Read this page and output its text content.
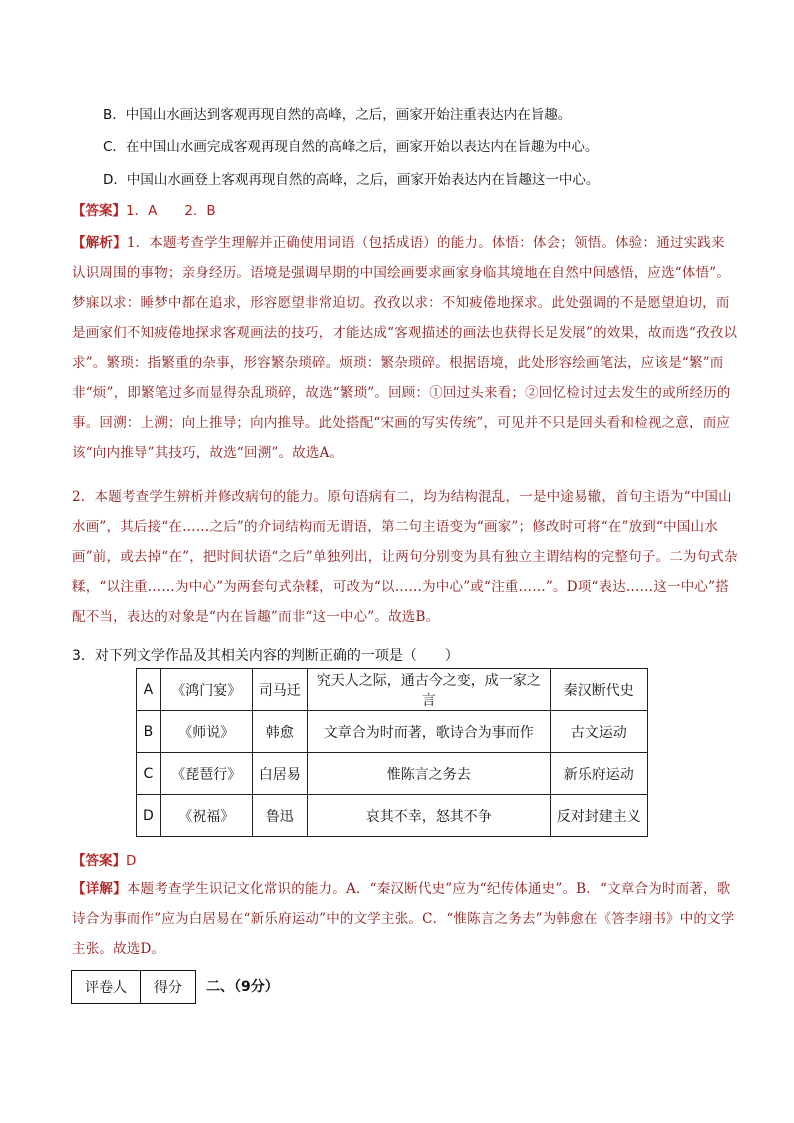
B．中国山水画达到客观再现自然的高峰，之后，画家开始注重表达内在旨趣。
C．在中国山水画完成客观再现自然的高峰之后，画家开始以表达内在旨趣为中心。
D．中国山水画登上客观再现自然的高峰，之后，画家开始表达内在旨趣这一中心。
【答案】1．A　　2．B
【解析】1．本题考查学生理解并正确使用词语（包括成语）的能力。体悟：体会；领悟。体验：通过实践来认识周围的事物；亲身经历。语境是强调早期的中国绘画要求画家身临其境地在自然中间感悟，应选“体悟”。梦寐以求：睡梦中都在追求，形容愿望非常迫切。孜孜以求：不知疲倦地探求。此处强调的不是愿望迫切，而是画家们不知疲倦地探求客观画法的技巧，才能达成“客观描述的画法也获得长足发展”的效果，故而选“孜孜以求”。繁琐：指繁重的杂事，形容繁杂琐碎。烦琐：繁杂琐碎。根据语境，此处形容绘画笔法，应该是“繁”而非“烦”，即繁笔过多而显得杂乱琐碎，故选“繁琐”。回顾：①回过头来看；②回忆检讨过去发生的或所经历的事。回溯：上溯；向上推导；向内推导。此处搭配“宋画的写实传统”，可见并不只是回头看和检视之意，而应该“向内推导”其技巧，故选“回溯”。故选A。
2．本题考查学生辨析并修改病句的能力。原句语病有二，均为结构混乱，一是中途易辙，首句主语为“中国山水画”，其后接“在……之后”的介词结构而无谓语，第二句主语变为“画家”；修改时可将“在”放到“中国山水画”前，或去掉“在”，把时间状语“之后”单独列出，让两句分别变为具有独立主谓结构的完整句子。二为句式杂糅，“以注重……为中心”为两套句式杂糅，可改为“以……为中心”或“注重……”。D项“表达……这一中心”搭配不当，表达的对象是“内在旨趣”而非“这一中心”。故选B。
3．对下列文学作品及其相关内容的判断正确的一项是（　　）
A	《鸿门宴》	司马迁	究天人之际，通古今之变，成一家之言	秦汉断代史
B	《师说》	韩愈	文章合为时而著，歌诗合为事而作	古文运动
C	《琵琶行》	白居易	惟陈言之务去	新乐府运动
D	《祝福》	鲁迅	哀其不幸，怒其不争	反对封建主义
【答案】D
【详解】本题考查学生识记文化常识的能力。A．“秦汉断代史”应为“纪传体通史”。B．“文章合为时而著，歌诗合为事而作”应为白居易在“新乐府运动”中的文学主张。C．“惟陈言之务去”为韩愈在《答李翊书》中的文学主张。故选D。
评卷人	得分 二、（9分）
